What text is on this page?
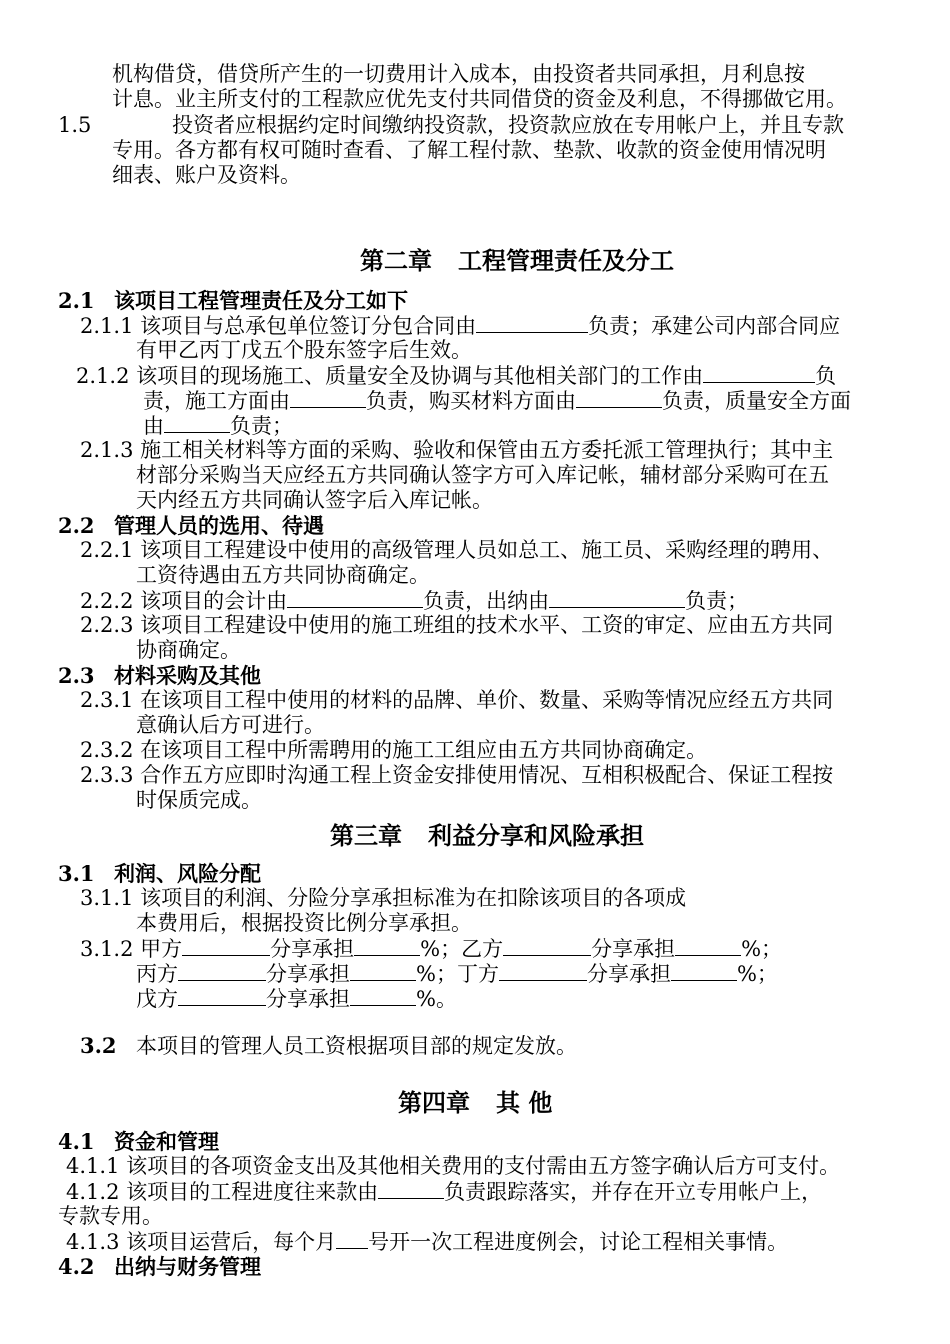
机构借贷，借贷所产生的一切费用计入成本，由投资者共同承担，月利息按
计息。业主所支付的工程款应优先支付共同借贷的资金及利息，不得挪做它用。
1.5	投资者应根据约定时间缴纳投资款，投资款应放在专用帐户上，并且专款
专用。各方都有权可随时查看、了解工程付款、垫款、收款的资金使用情况明
细表、账户及资料。
第二章 工程管理责任及分工
2.1 该项目工程管理责任及分工如下
2.1.1 该项目与总承包单位签订分包合同由	负责；承建公司内部合同应
有甲乙丙丁戊五个股东签字后生效。
2.1.2 该项目的现场施工、质量安全及协调与其他相关部门的工作由	负
责，施工方面由	负责，购买材料方面由	负责，质量安全方面
由	负责；
2.1.3 施工相关材料等方面的采购、验收和保管由五方委托派工管理执行；其中主
材部分采购当天应经五方共同确认签字方可入库记帐，辅材部分采购可在五
天内经五方共同确认签字后入库记帐。
2.2 管理人员的选用、待遇
2.2.1 该项目工程建设中使用的高级管理人员如总工、施工员、采购经理的聘用、
工资待遇由五方共同协商确定。
2.2.2 该项目的会计由	负责，出纳由	负责；
2.2.3 该项目工程建设中使用的施工班组的技术水平、工资的审定、应由五方共同
协商确定。
2.3 材料采购及其他
2.3.1 在该项目工程中使用的材料的品牌、单价、数量、采购等情况应经五方共同
意确认后方可进行。
2.3.2 在该项目工程中所需聘用的施工工组应由五方共同协商确定。
2.3.3 合作五方应即时沟通工程上资金安排使用情况、互相积极配合、保证工程按
时保质完成。
第三章 利益分享和风险承担
3.1 利润、风险分配
3.1.1 该项目的利润、分险分享承担标准为在扣除该项目的各项成
本费用后，根据投资比例分享承担。
3.1.2 甲方	分享承担	%；乙方	分享承担	%；
丙方	分享承担	%；丁方	分享承担	%；
戊方	分享承担	%。
3.2 本项目的管理人员工资根据项目部的规定发放。
第四章 其 他
4.1 资金和管理
4.1.1 该项目的各项资金支出及其他相关费用的支付需由五方签字确认后方可支付。
4.1.2 该项目的工程进度往来款由	负责跟踪落实，并存在开立专用帐户上，
专款专用。
4.1.3 该项目运营后，每个月 号开一次工程进度例会，讨论工程相关事情。
4.2 出纳与财务管理
